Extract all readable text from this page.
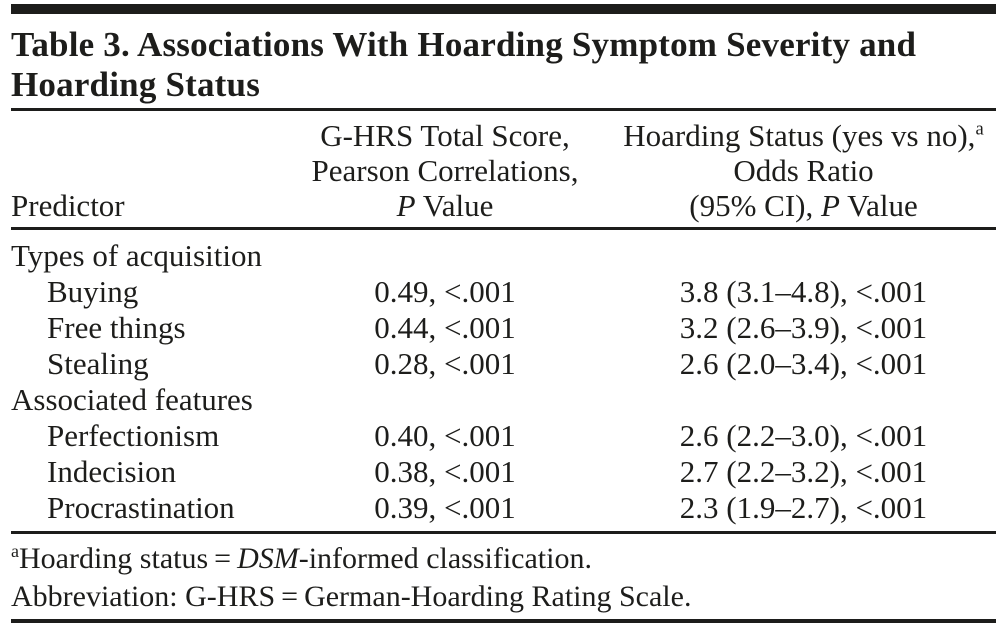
Table 3. Associations With Hoarding Symptom Severity and
Hoarding Status
Predictor
G-HRS Total Score,
Pearson Correlations,
P Value
Hoarding Status (yes vs no),$^a$
Odds Ratio
(95% CI), P Value
Types of acquisition
Buying	0.49, <.001	3.8 (3.1–4.8), <.001
Free things	0.44, <.001	3.2 (2.6–3.9), <.001
Stealing	0.28, <.001	2.6 (2.0–3.4), <.001
Associated features
Perfectionism	0.40, <.001	2.6 (2.2–3.0), <.001
Indecision	0.38, <.001	2.7 (2.2–3.2), <.001
Procrastination	0.39, <.001	2.3 (1.9–2.7), <.001
$^a$Hoarding status = DSM-informed classification.
Abbreviation: G-HRS = German-Hoarding Rating Scale.
